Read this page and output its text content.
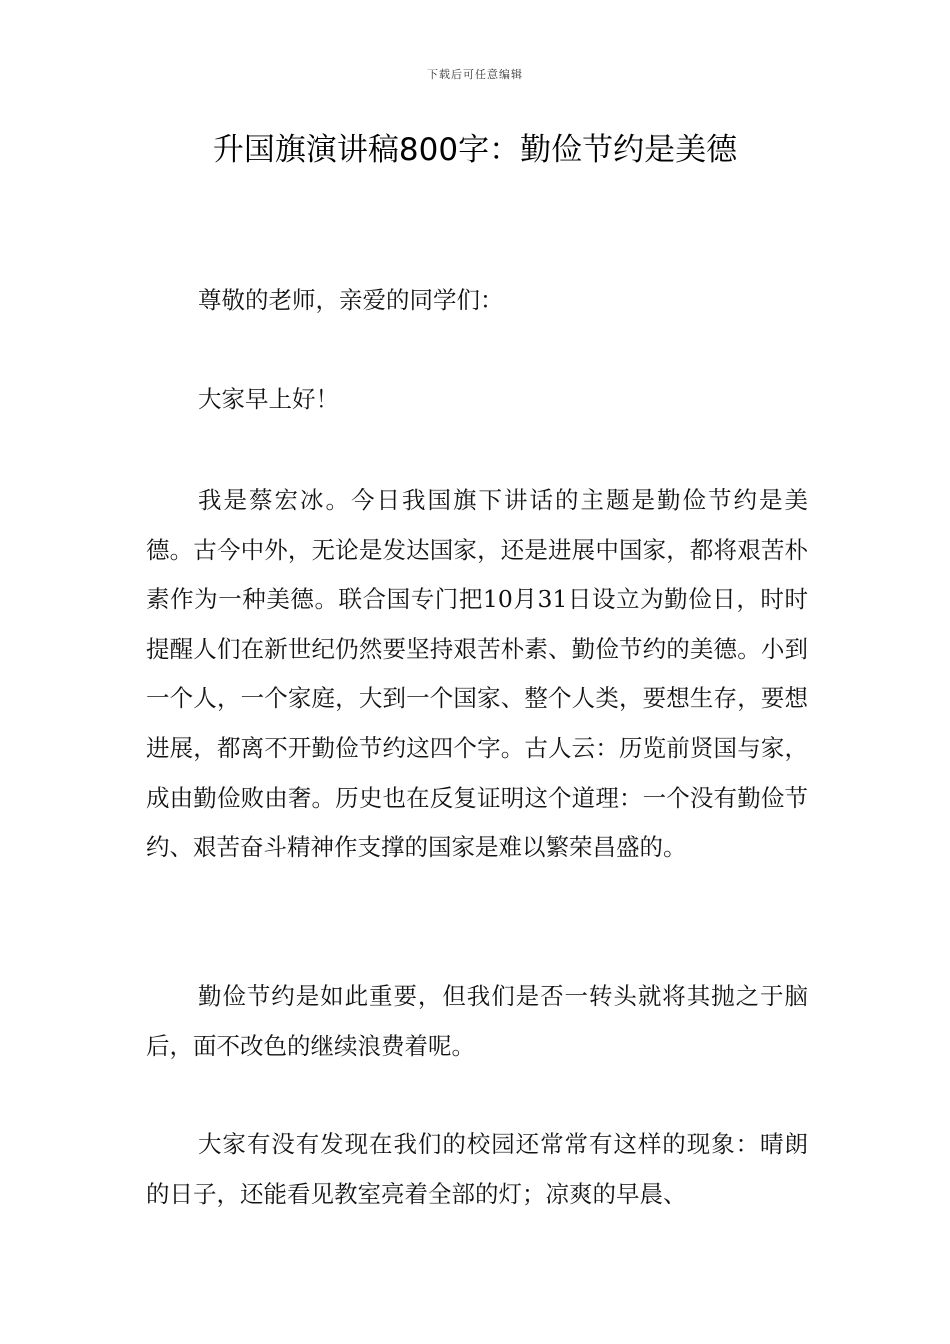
下载后可任意编辑
升国旗演讲稿800字：勤俭节约是美德

尊敬的老师，亲爱的同学们：

大家早上好！

我是蔡宏冰。今日我国旗下讲话的主题是勤俭节约是美德。古今中外，无论是发达国家，还是进展中国家，都将艰苦朴素作为一种美德。联合国专门把10月31日设立为勤俭日，时时提醒人们在新世纪仍然要坚持艰苦朴素、勤俭节约的美德。小到一个人，一个家庭，大到一个国家、整个人类，要想生存，要想进展，都离不开勤俭节约这四个字。古人云：历览前贤国与家，成由勤俭败由奢。历史也在反复证明这个道理：一个没有勤俭节约、艰苦奋斗精神作支撑的国家是难以繁荣昌盛的。

勤俭节约是如此重要，但我们是否一转头就将其抛之于脑后，面不改色的继续浪费着呢。

大家有没有发现在我们的校园还常常有这样的现象：晴朗的日子，还能看见教室亮着全部的灯；凉爽的早晨、
